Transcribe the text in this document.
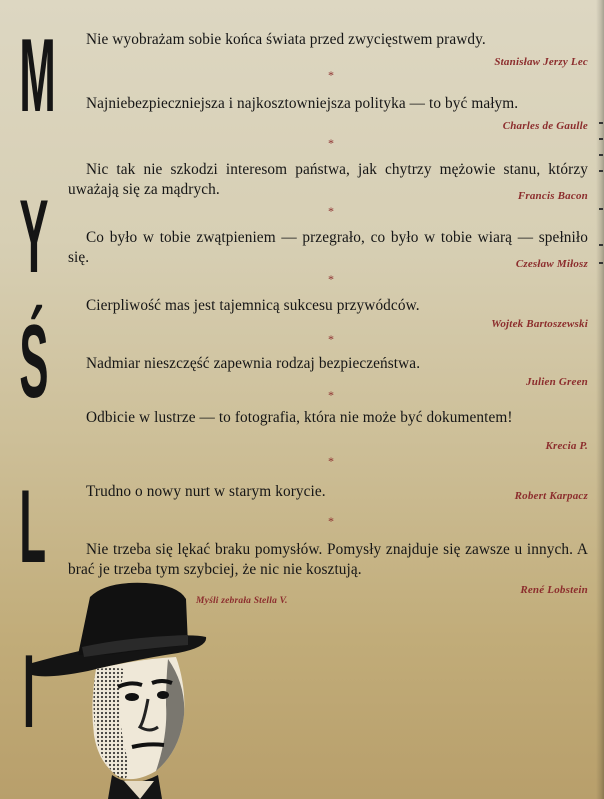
M
Y
Ś
L
I
Nie wyobrażam sobie końca świata przed zwycięstwem prawdy.
Stanisław Jerzy Lec
*
Najniebezpieczniejsza i najkosztowniejsza polityka — to być małym.
Charles de Gaulle
*
Nic tak nie szkodzi interesom państwa, jak chytrzy mężowie stanu, którzy uważają się za mądrych.	Francis Bacon
*
Co było w tobie zwątpieniem — przegrało, co było w tobie wiarą — spełniło się.	Czesław Miłosz
*
Cierpliwość mas jest tajemnicą sukcesu przywódców.
Wojtek Bartoszewski
*
Nadmiar nieszczęść zapewnia rodzaj bezpieczeństwa.
Julien Green
*
Odbicie w lustrze — to fotografia, która nie może być dokumentem!
Krecia P.
*
Trudno o nowy nurt w starym korycie.	Robert Karpacz
*
Nie trzeba się lękać braku pomysłów. Pomysły znajduje się zawsze u innych. A brać je trzeba tym szybciej, że nic nie kosztują.
René Lobstein
Myśli zebrała Stella V.
